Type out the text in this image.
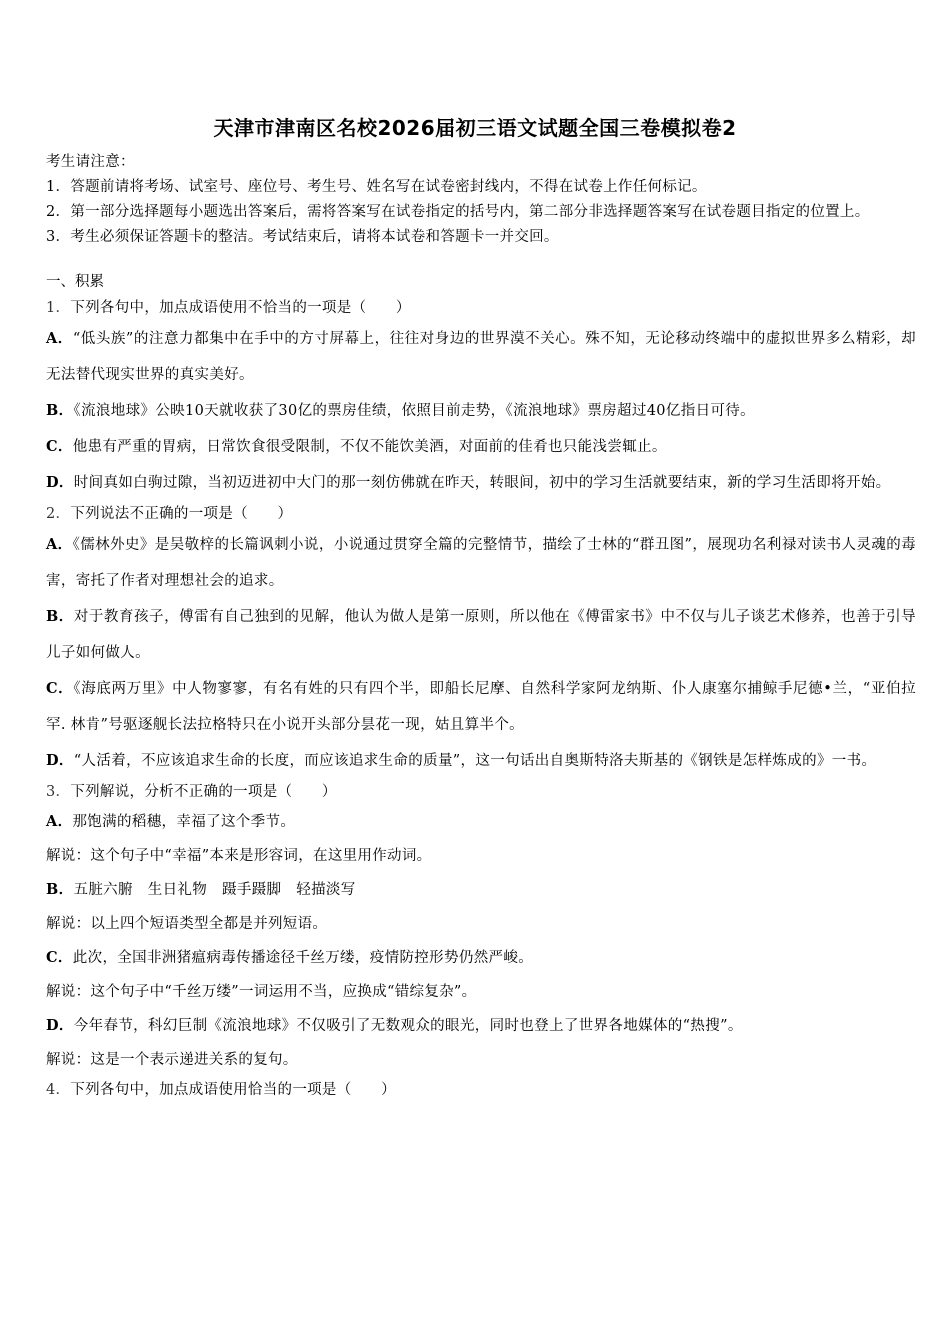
天津市津南区名校2026届初三语文试题全国三卷模拟卷2
考生请注意：
1．答题前请将考场、试室号、座位号、考生号、姓名写在试卷密封线内，不得在试卷上作任何标记。
2．第一部分选择题每小题选出答案后，需将答案写在试卷指定的括号内，第二部分非选择题答案写在试卷题目指定的位置上。
3．考生必须保证答题卡的整洁。考试结束后，请将本试卷和答题卡一并交回。
一、积累
1．下列各句中，加点成语使用不恰当的一项是（　　）
A．“低头族”的注意力都集中在手中的方寸屏幕上，往往对身边的世界漠不关心。殊不知，无论移动终端中的虚拟世界多么精彩，却无法替代现实世界的真实美好。
B．《流浪地球》公映10天就收获了30亿的票房佳绩，依照目前走势，《流浪地球》票房超过40亿指日可待。
C．他患有严重的胃病，日常饮食很受限制，不仅不能饮美酒，对面前的佳肴也只能浅尝辄止。
D．时间真如白驹过隙，当初迈进初中大门的那一刻仿佛就在昨天，转眼间，初中的学习生活就要结束，新的学习生活即将开始。
2．下列说法不正确的一项是（　　）
A．《儒林外史》是吴敬梓的长篇讽刺小说，小说通过贯穿全篇的完整情节，描绘了士林的“群丑图”，展现功名利禄对读书人灵魂的毒害，寄托了作者对理想社会的追求。
B．对于教育孩子，傅雷有自己独到的见解，他认为做人是第一原则，所以他在《傅雷家书》中不仅与儿子谈艺术修养，也善于引导儿子如何做人。
C．《海底两万里》中人物寥寥，有名有姓的只有四个半，即船长尼摩、自然科学家阿龙纳斯、仆人康塞尔捕鲸手尼德•兰，“亚伯拉罕. 林肯”号驱逐舰长法拉格特只在小说开头部分昙花一现，姑且算半个。
D．“人活着，不应该追求生命的长度，而应该追求生命的质量”，这一句话出自奥斯特洛夫斯基的《钢铁是怎样炼成的》一书。
3．下列解说，分析不正确的一项是（　　）
A．那饱满的稻穗，幸福了这个季节。
解说：这个句子中“幸福”本来是形容词，在这里用作动词。
B．五脏六腑　生日礼物　蹑手蹑脚　轻描淡写
解说：以上四个短语类型全都是并列短语。
C．此次，全国非洲猪瘟病毒传播途径千丝万缕，疫情防控形势仍然严峻。
解说：这个句子中“千丝万缕”一词运用不当，应换成“错综复杂”。
D．今年春节，科幻巨制《流浪地球》不仅吸引了无数观众的眼光，同时也登上了世界各地媒体的“热搜”。
解说：这是一个表示递进关系的复句。
4．下列各句中，加点成语使用恰当的一项是（　　）
